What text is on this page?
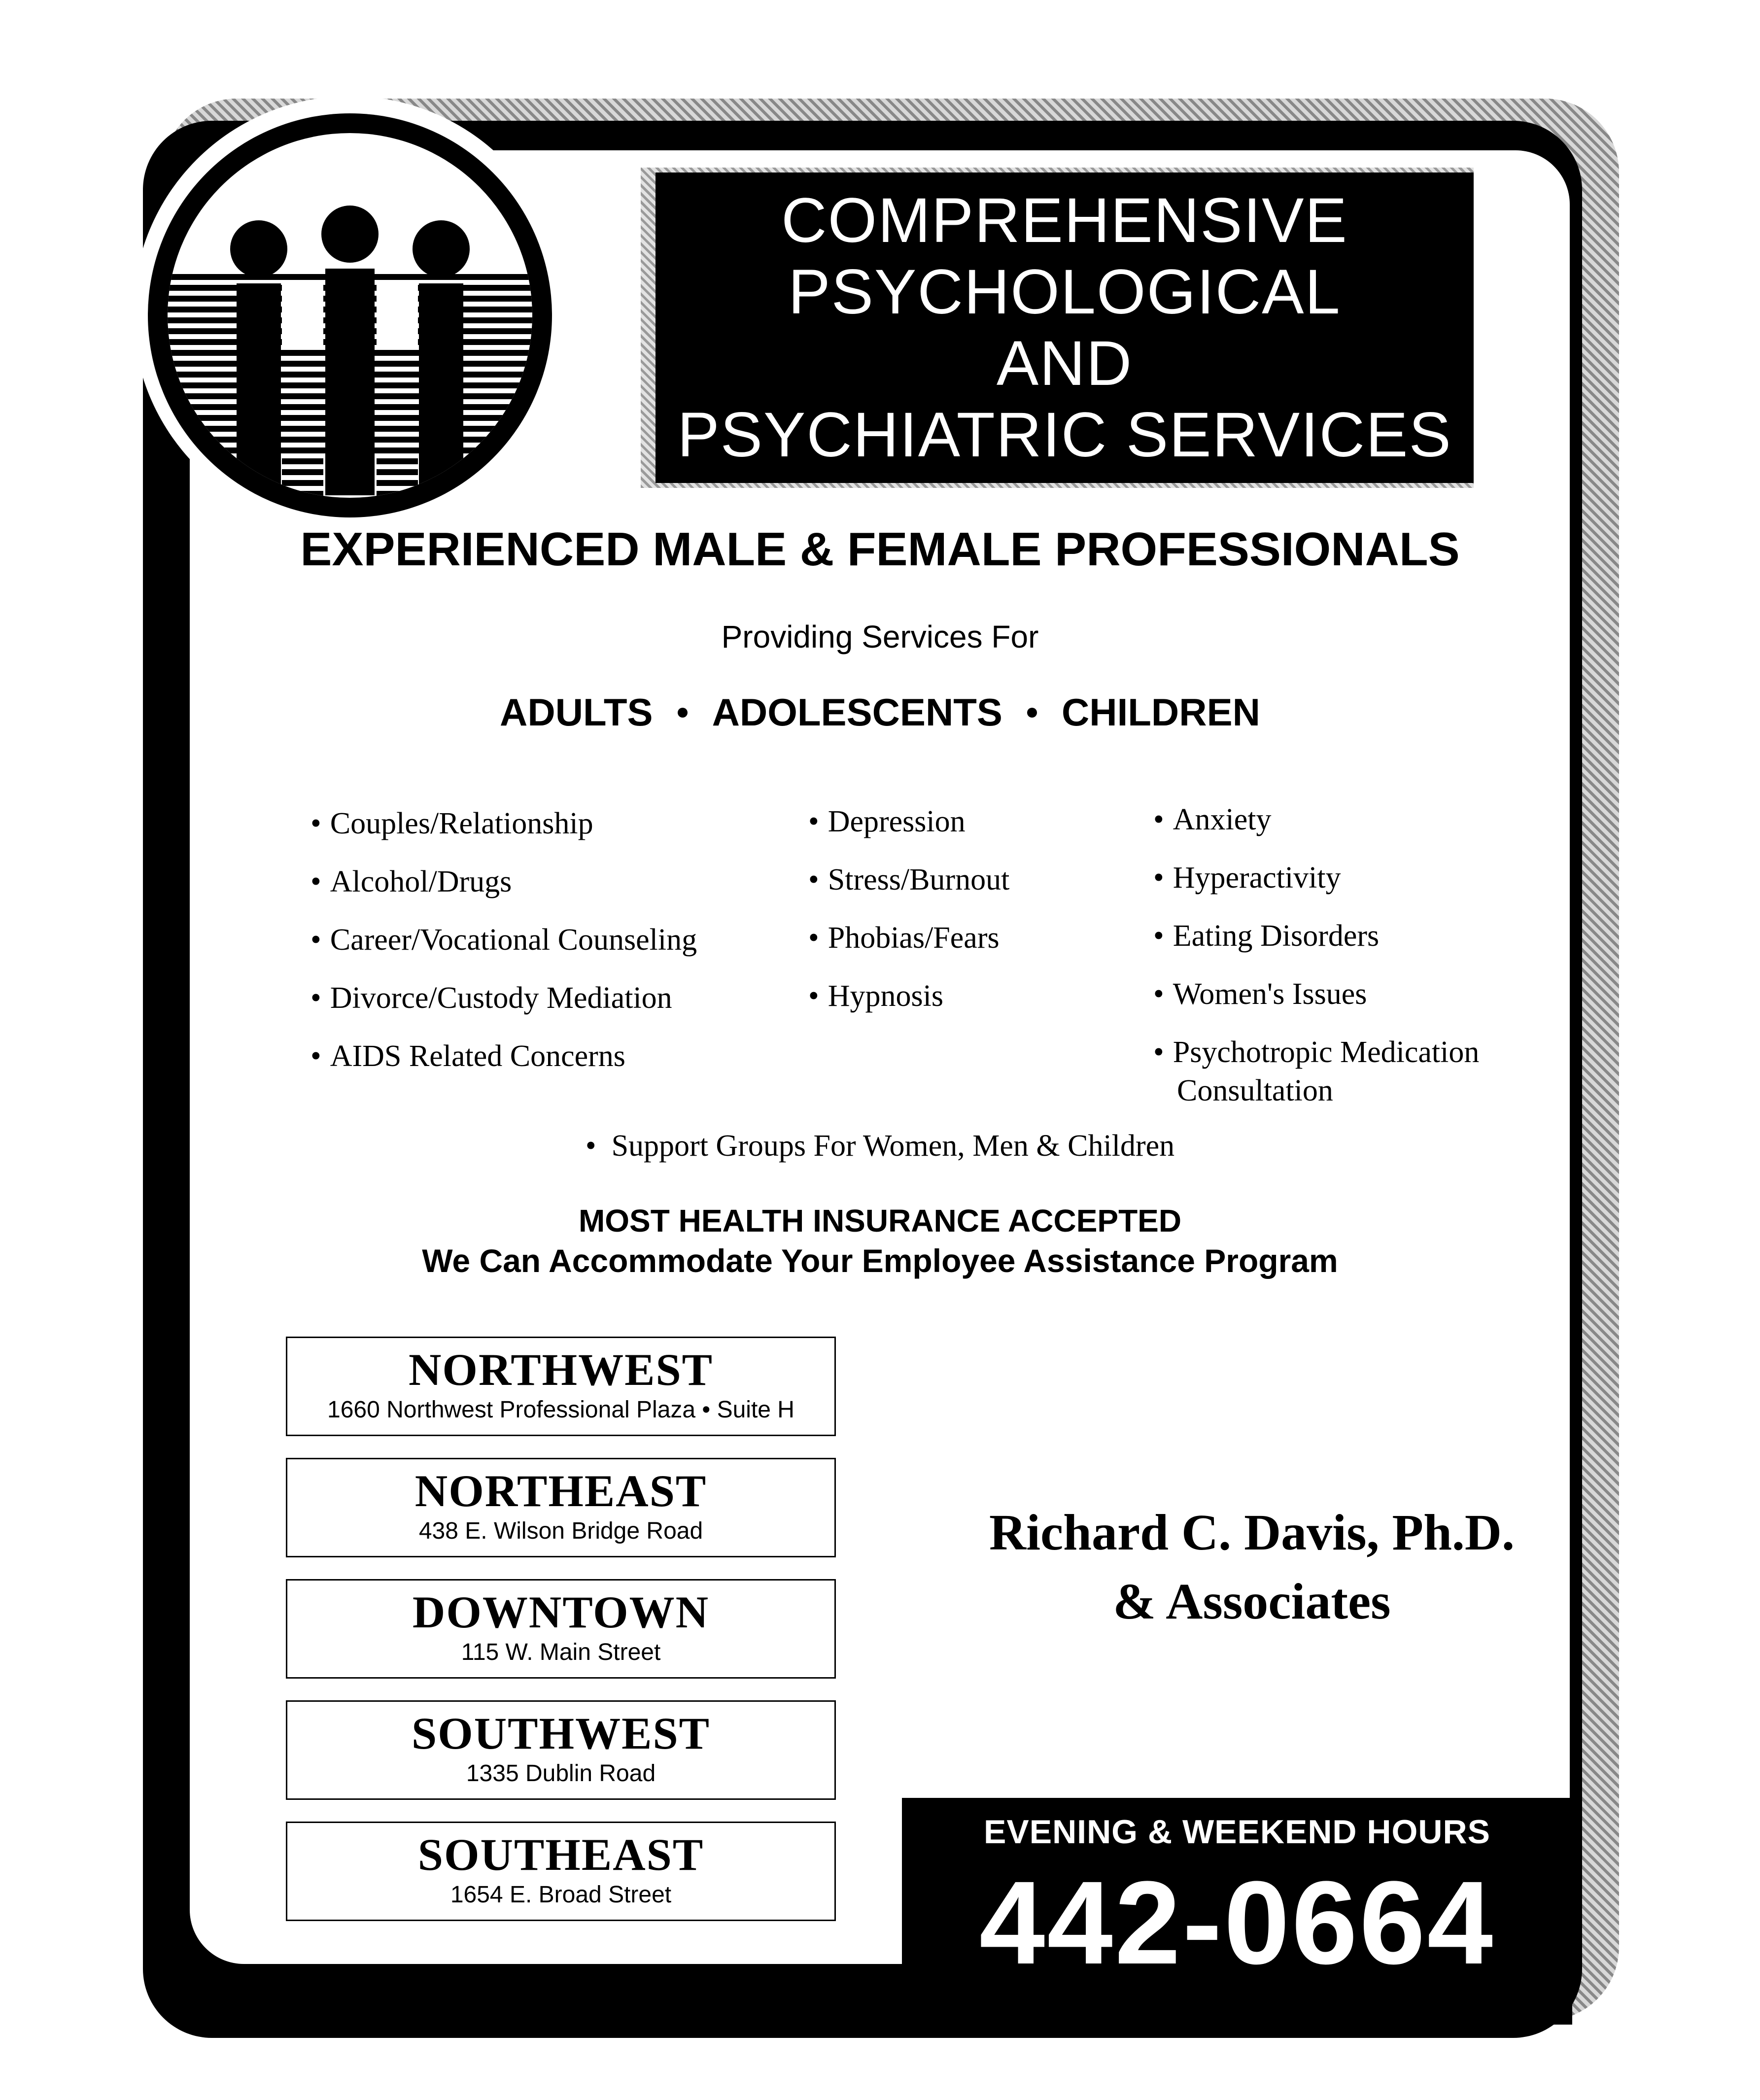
COMPREHENSIVE
PSYCHOLOGICAL
AND
PSYCHIATRIC SERVICES
EXPERIENCED MALE & FEMALE PROFESSIONALS
Providing Services For
ADULTS ADOLESCENTS CHILDREN
• Couples/Relationship
• Alcohol/Drugs
• Career/Vocational Counseling
• Divorce/Custody Mediation
• AIDS Related Concerns
• Depression
• Stress/Burnout
• Phobias/Fears
• Hypnosis
• Anxiety
• Hyperactivity
• Eating Disorders
• Women's Issues
• Psychotropic Medication
Consultation
•  Support Groups For Women, Men & Children
MOST HEALTH INSURANCE ACCEPTED
We Can Accommodate Your Employee Assistance Program
NORTHWEST
1660 Northwest Professional Plaza • Suite H
NORTHEAST
438 E. Wilson Bridge Road
DOWNTOWN
115 W. Main Street
SOUTHWEST
1335 Dublin Road
SOUTHEAST
1654 E. Broad Street
Richard C. Davis, Ph.D.
& Associates
EVENING & WEEKEND HOURS
442-0664
